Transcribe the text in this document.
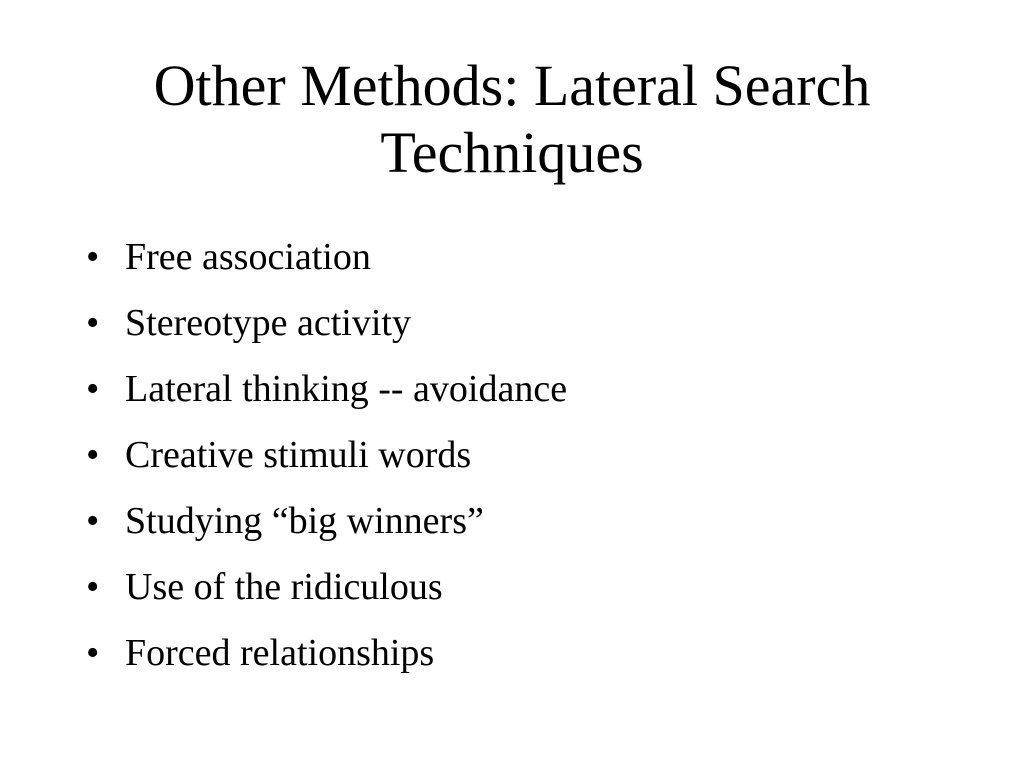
Other Methods: Lateral Search Techniques
• Free association
• Stereotype activity
• Lateral thinking -- avoidance
• Creative stimuli words
• Studying “big winners”
• Use of the ridiculous
• Forced relationships
